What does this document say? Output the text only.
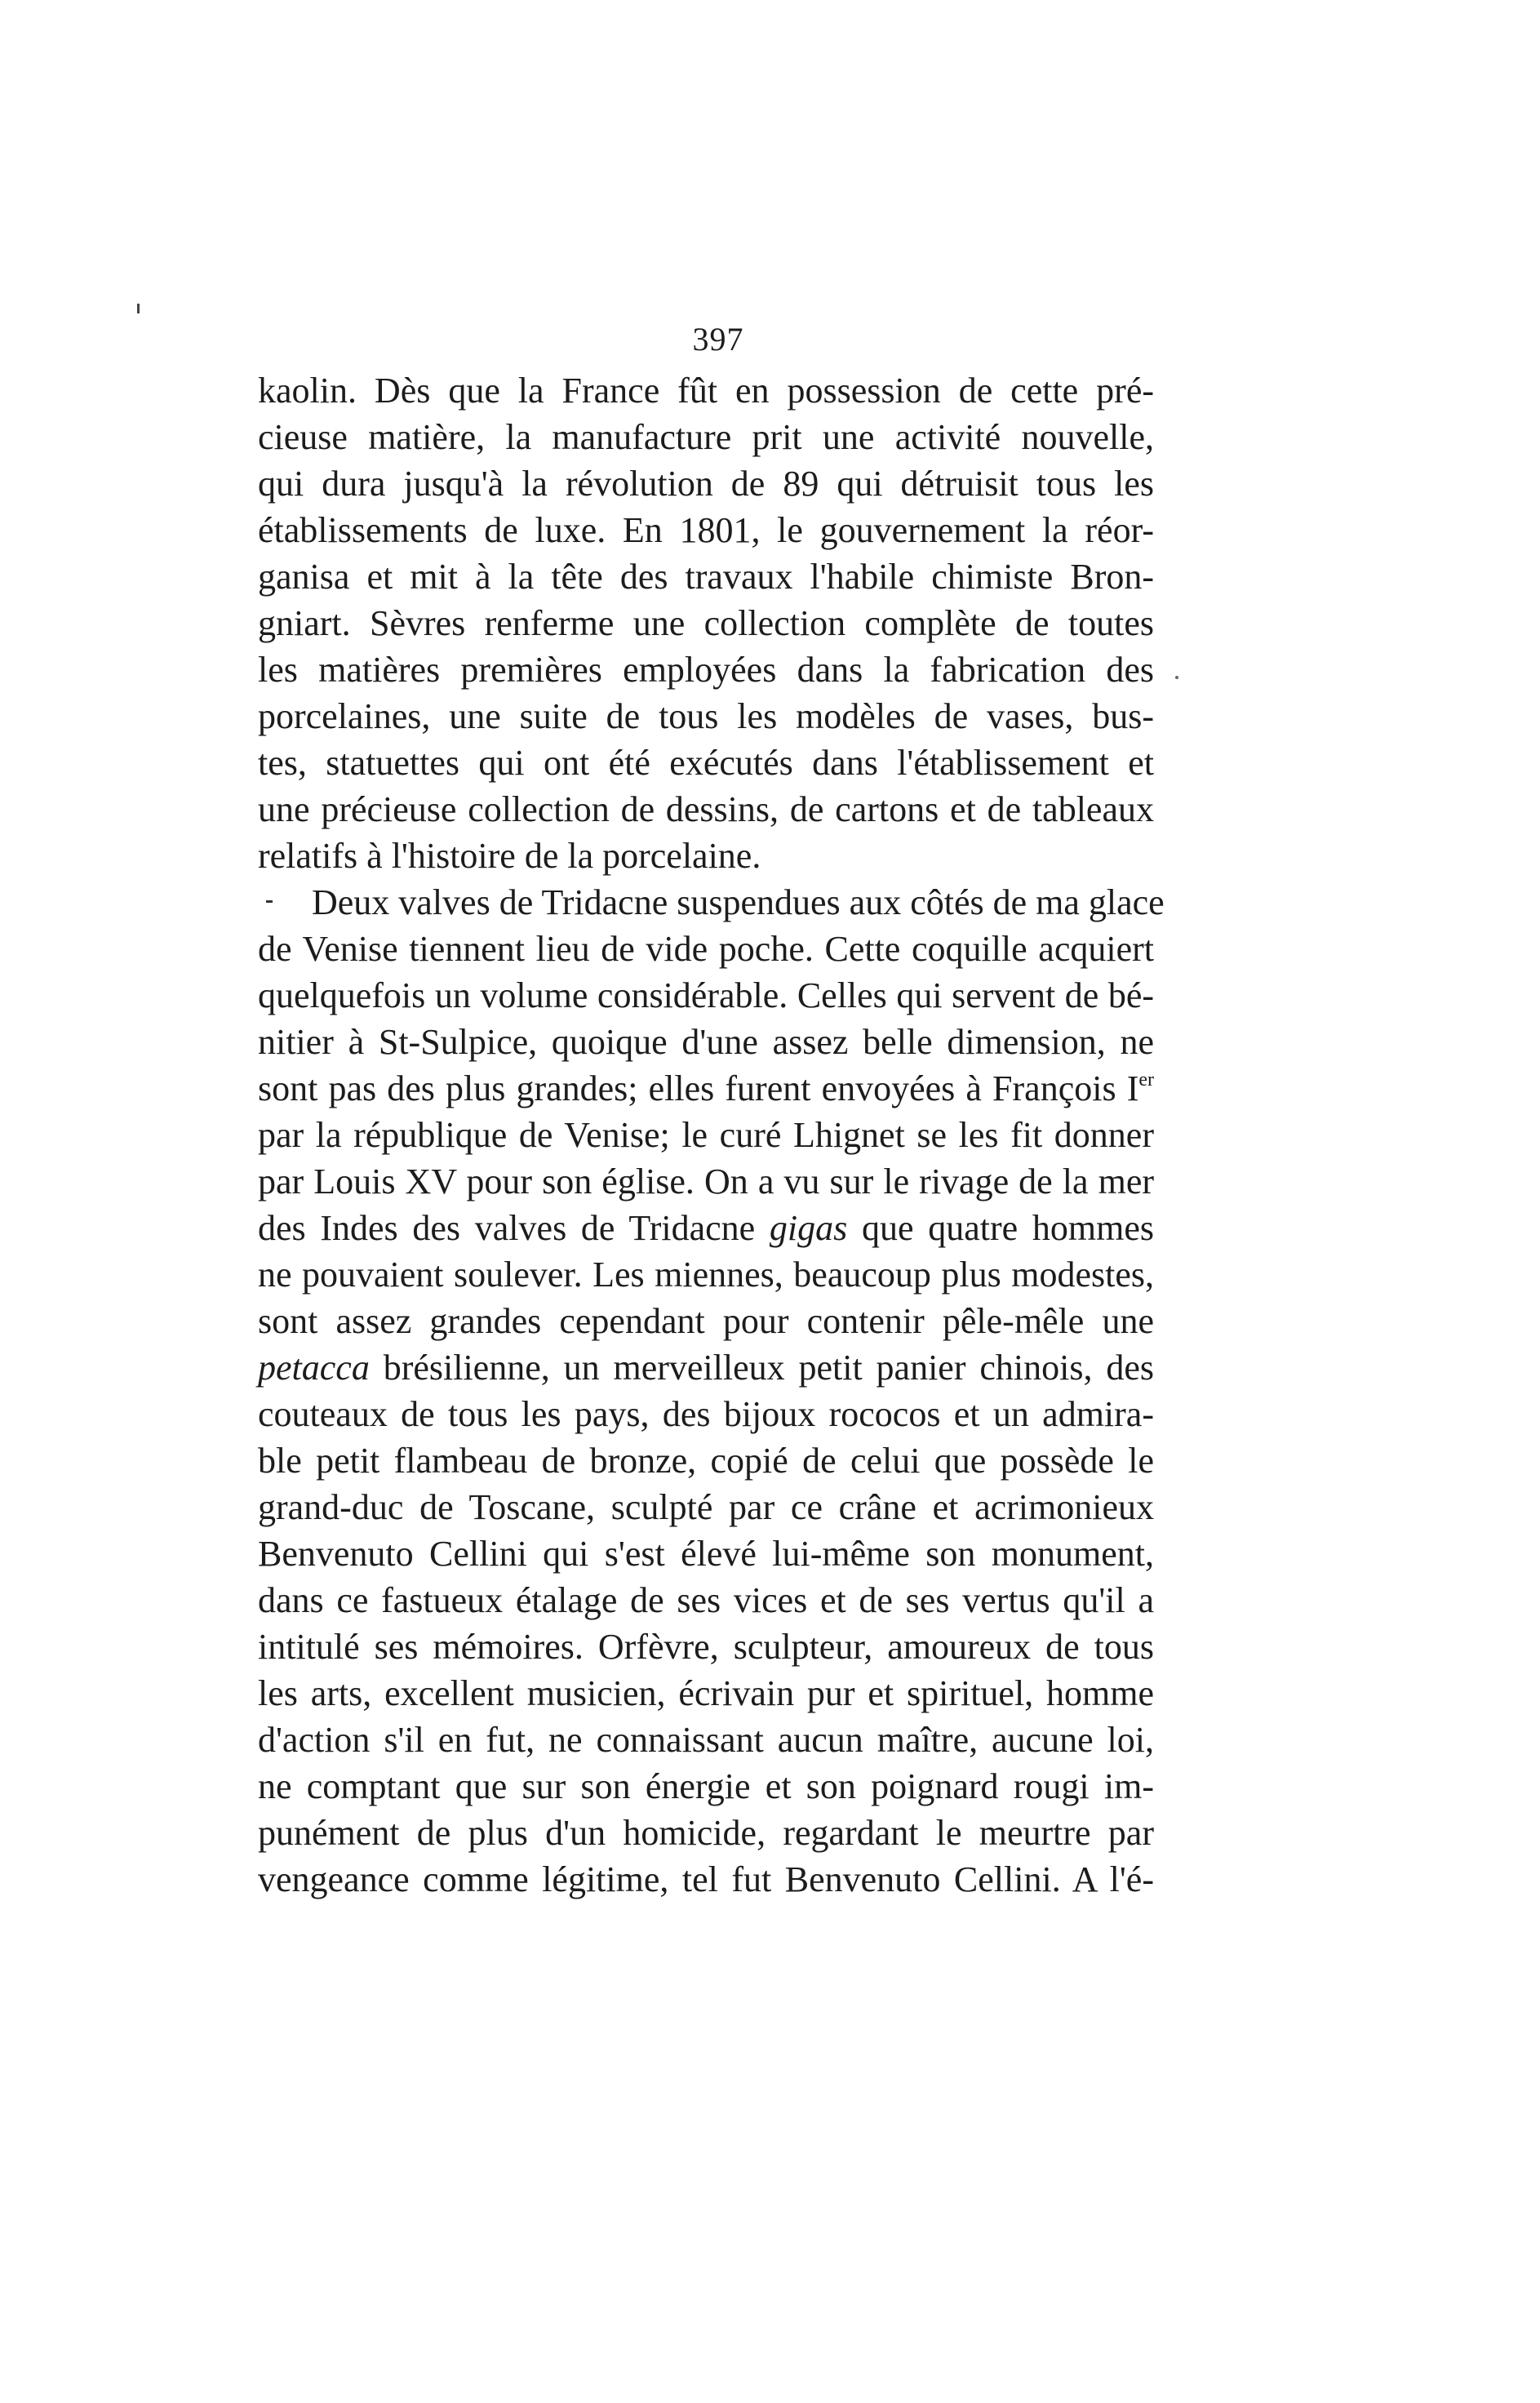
397
kaolin. Dès que la France fût en possession de cette pré-
cieuse matière, la manufacture prit une activité nouvelle,
qui dura jusqu'à la révolution de 89 qui détruisit tous les
établissements de luxe. En 1801, le gouvernement la réor-
ganisa et mit à la tête des travaux l'habile chimiste Bron-
gniart. Sèvres renferme une collection complète de toutes
les matières premières employées dans la fabrication des
porcelaines, une suite de tous les modèles de vases, bus-
tes, statuettes qui ont été exécutés dans l'établissement et
une précieuse collection de dessins, de cartons et de tableaux
relatifs à l'histoire de la porcelaine.
Deux valves de Tridacne suspendues aux côtés de ma glace
de Venise tiennent lieu de vide poche. Cette coquille acquiert
quelquefois un volume considérable. Celles qui servent de bé-
nitier à St-Sulpice, quoique d'une assez belle dimension, ne
sont pas des plus grandes; elles furent envoyées à François Ier
par la république de Venise; le curé Lhignet se les fit donner
par Louis XV pour son église. On a vu sur le rivage de la mer
des Indes des valves de Tridacne gigas que quatre hommes
ne pouvaient soulever. Les miennes, beaucoup plus modestes,
sont assez grandes cependant pour contenir pêle-mêle une
petacca brésilienne, un merveilleux petit panier chinois, des
couteaux de tous les pays, des bijoux rococos et un admira-
ble petit flambeau de bronze, copié de celui que possède le
grand-duc de Toscane, sculpté par ce crâne et acrimonieux
Benvenuto Cellini qui s'est élevé lui-même son monument,
dans ce fastueux étalage de ses vices et de ses vertus qu'il a
intitulé ses mémoires. Orfèvre, sculpteur, amoureux de tous
les arts, excellent musicien, écrivain pur et spirituel, homme
d'action s'il en fut, ne connaissant aucun maître, aucune loi,
ne comptant que sur son énergie et son poignard rougi im-
punément de plus d'un homicide, regardant le meurtre par
vengeance comme légitime, tel fut Benvenuto Cellini. A l'é-
